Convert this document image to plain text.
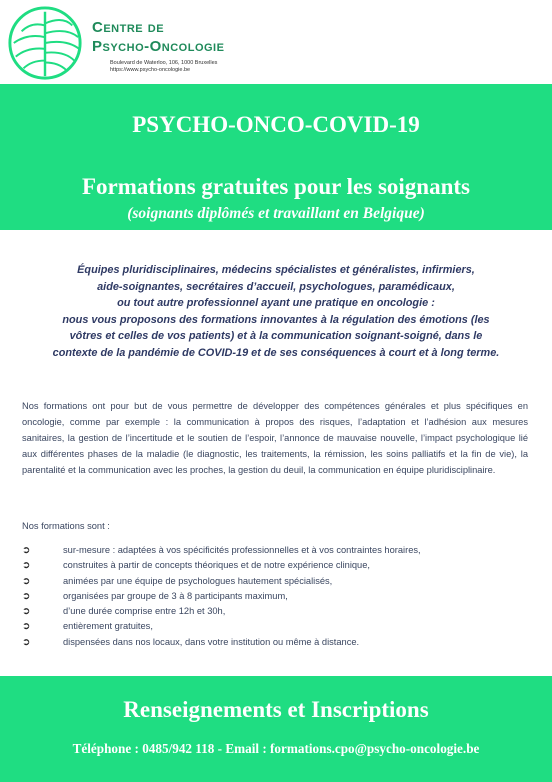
Centre de
Psycho-Oncologie
Boulevard de Waterloo, 106, 1000 Bruxelles
https://www.psycho-oncologie.be
PSYCHO-ONCO-COVID-19
Formations gratuites pour les soignants
(soignants diplômés et travaillant en Belgique)
Équipes pluridisciplinaires, médecins spécialistes et généralistes, infirmiers,
aide-soignantes, secrétaires d’accueil, psychologues, paramédicaux,
ou tout autre professionnel ayant une pratique en oncologie :
nous vous proposons des formations innovantes à la régulation des émotions (les
vôtres et celles de vos patients) et à la communication soignant-soigné, dans le
contexte de la pandémie de COVID-19 et de ses conséquences à court et à long terme.

Nos formations ont pour but de vous permettre de développer des compétences générales et plus spécifiques en oncologie, comme par exemple : la communication à propos des risques, l’adaptation et l’adhésion aux mesures sanitaires, la gestion de l’incertitude et le soutien de l’espoir, l’annonce de mauvaise nouvelle, l’impact psychologique lié aux différentes phases de la maladie (le diagnostic, les traitements, la rémission, les soins palliatifs et la fin de vie), la parentalité et la communication avec les proches, la gestion du deuil, la communication en équipe pluridisciplinaire.

Nos formations sont :
➲	sur-mesure : adaptées à vos spécificités professionnelles et à vos contraintes horaires,
➲	construites à partir de concepts théoriques et de notre expérience clinique,
➲	animées par une équipe de psychologues hautement spécialisés,
➲	organisées par groupe de 3 à 8 participants maximum,
➲	d’une durée comprise entre 12h et 30h,
➲	entièrement gratuites,
➲	dispensées dans nos locaux, dans votre institution ou même à distance.
Renseignements et Inscriptions
Téléphone : 0485/942 118 - Email : formations.cpo@psycho-oncologie.be
